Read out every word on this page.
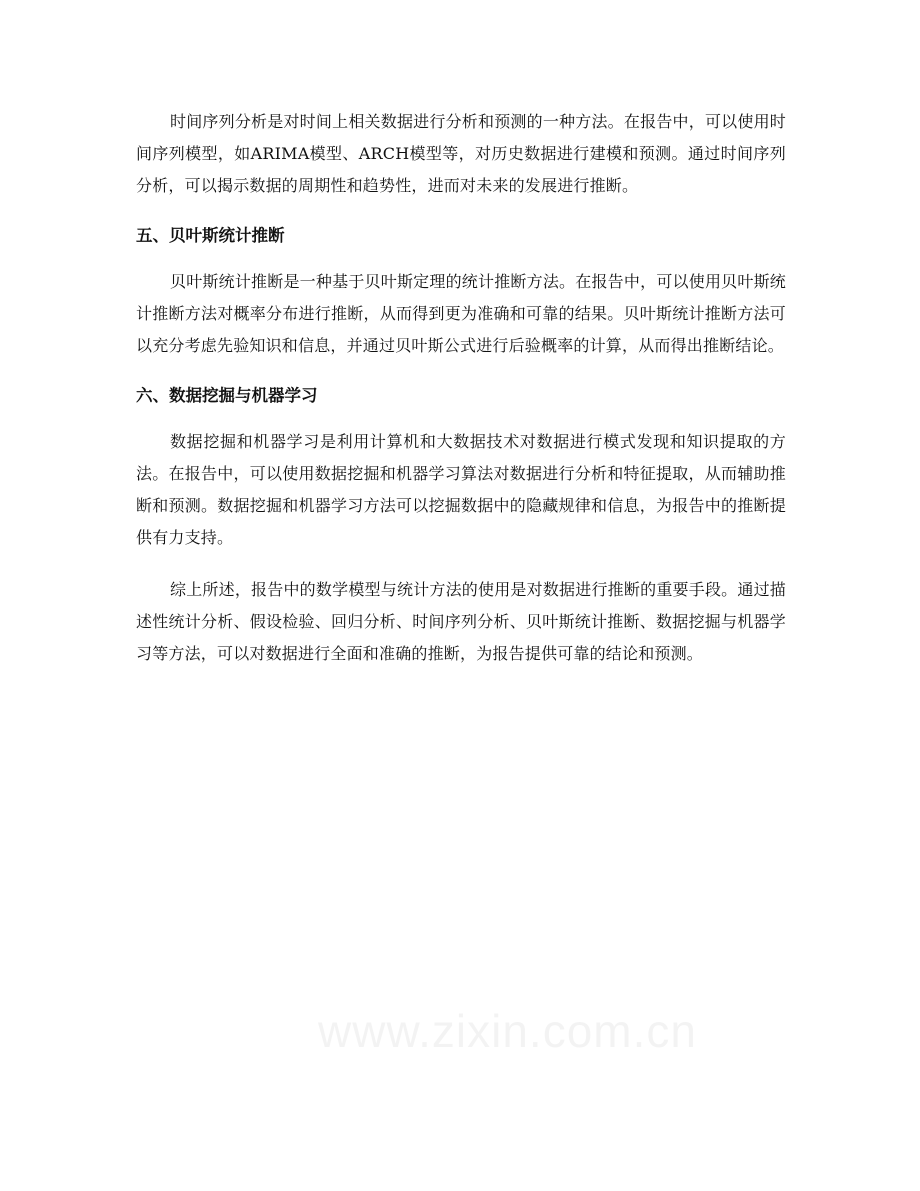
时间序列分析是对时间上相关数据进行分析和预测的一种方法。在报告中，可以使用时间序列模型，如ARIMA模型、ARCH模型等，对历史数据进行建模和预测。通过时间序列分析，可以揭示数据的周期性和趋势性，进而对未来的发展进行推断。

五、贝叶斯统计推断

贝叶斯统计推断是一种基于贝叶斯定理的统计推断方法。在报告中，可以使用贝叶斯统计推断方法对概率分布进行推断，从而得到更为准确和可靠的结果。贝叶斯统计推断方法可以充分考虑先验知识和信息，并通过贝叶斯公式进行后验概率的计算，从而得出推断结论。

六、数据挖掘与机器学习

数据挖掘和机器学习是利用计算机和大数据技术对数据进行模式发现和知识提取的方法。在报告中，可以使用数据挖掘和机器学习算法对数据进行分析和特征提取，从而辅助推断和预测。数据挖掘和机器学习方法可以挖掘数据中的隐藏规律和信息，为报告中的推断提供有力支持。

综上所述，报告中的数学模型与统计方法的使用是对数据进行推断的重要手段。通过描述性统计分析、假设检验、回归分析、时间序列分析、贝叶斯统计推断、数据挖掘与机器学习等方法，可以对数据进行全面和准确的推断，为报告提供可靠的结论和预测。
